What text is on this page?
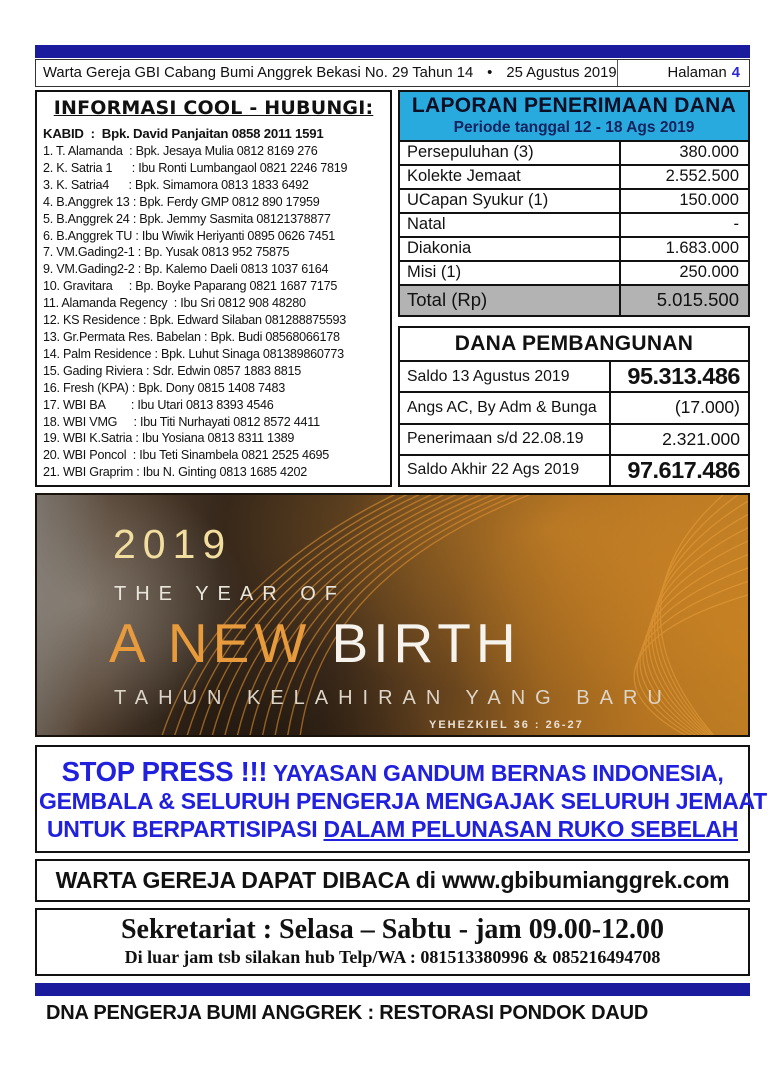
Warta Gereja GBI Cabang Bumi Anggrek Bekasi No. 29 Tahun 14 • 25 Agustus 2019	Halaman 4
INFORMASI COOL - HUBUNGI:
KABID  :  Bpk. David Panjaitan 0858 2011 1591
1. T. Alamanda  : Bpk. Jesaya Mulia 0812 8169 276
2. K. Satria 1      : Ibu Ronti Lumbangaol 0821 2246 7819
3. K. Satria4      : Bpk. Simamora 0813 1833 6492
4. B.Anggrek 13 : Bpk. Ferdy GMP 0812 890 17959
5. B.Anggrek 24 : Bpk. Jemmy Sasmita 08121378877
6. B.Anggrek TU : Ibu Wiwik Heriyanti 0895 0626 7451
7. VM.Gading2-1 : Bp. Yusak 0813 952 75875
9. VM.Gading2-2 : Bp. Kalemo Daeli 0813 1037 6164
10. Gravitara     : Bp. Boyke Paparang 0821 1687 7175
11. Alamanda Regency  : Ibu Sri 0812 908 48280
12. KS Residence : Bpk. Edward Silaban 081288875593
13. Gr.Permata Res. Babelan : Bpk. Budi 08568066178
14. Palm Residence : Bpk. Luhut Sinaga 081389860773
15. Gading Riviera : Sdr. Edwin 0857 1883 8815
16. Fresh (KPA) : Bpk. Dony 0815 1408 7483
17. WBI BA        : Ibu Utari 0813 8393 4546
18. WBI VMG     : Ibu Titi Nurhayati 0812 8572 4411
19. WBI K.Satria : Ibu Yosiana 0813 8311 1389
20. WBI Poncol  : Ibu Teti Sinambela 0821 2525 4695
21. WBI Graprim : Ibu N. Ginting 0813 1685 4202
LAPORAN PENERIMAAN DANA
Periode tanggal 12 - 18 Ags 2019
Persepuluhan (3)	380.000
Kolekte Jemaat	2.552.500
UCapan Syukur (1)	150.000
Natal	-
Diakonia	1.683.000
Misi (1)	250.000
Total (Rp)	5.015.500
DANA PEMBANGUNAN
Saldo 13 Agustus 2019	95.313.486
Angs AC, By Adm & Bunga	(17.000)
Penerimaan s/d 22.08.19	2.321.000
Saldo Akhir 22 Ags 2019	97.617.486
2019
THE YEAR OF
A NEW BIRTH
TAHUN KELAHIRAN YANG BARU
YEHEZKIEL 36 : 26-27
STOP PRESS !!! YAYASAN GANDUM BERNAS INDONESIA,
GEMBALA & SELURUH PENGERJA MENGAJAK SELURUH JEMAAT
UNTUK BERPARTISIPASI DALAM PELUNASAN RUKO SEBELAH
WARTA GEREJA DAPAT DIBACA di www.gbibumianggrek.com
Sekretariat : Selasa – Sabtu - jam 09.00-12.00
Di luar jam tsb silakan hub Telp/WA : 081513380996 & 085216494708
DNA PENGERJA BUMI ANGGREK : RESTORASI PONDOK DAUD
